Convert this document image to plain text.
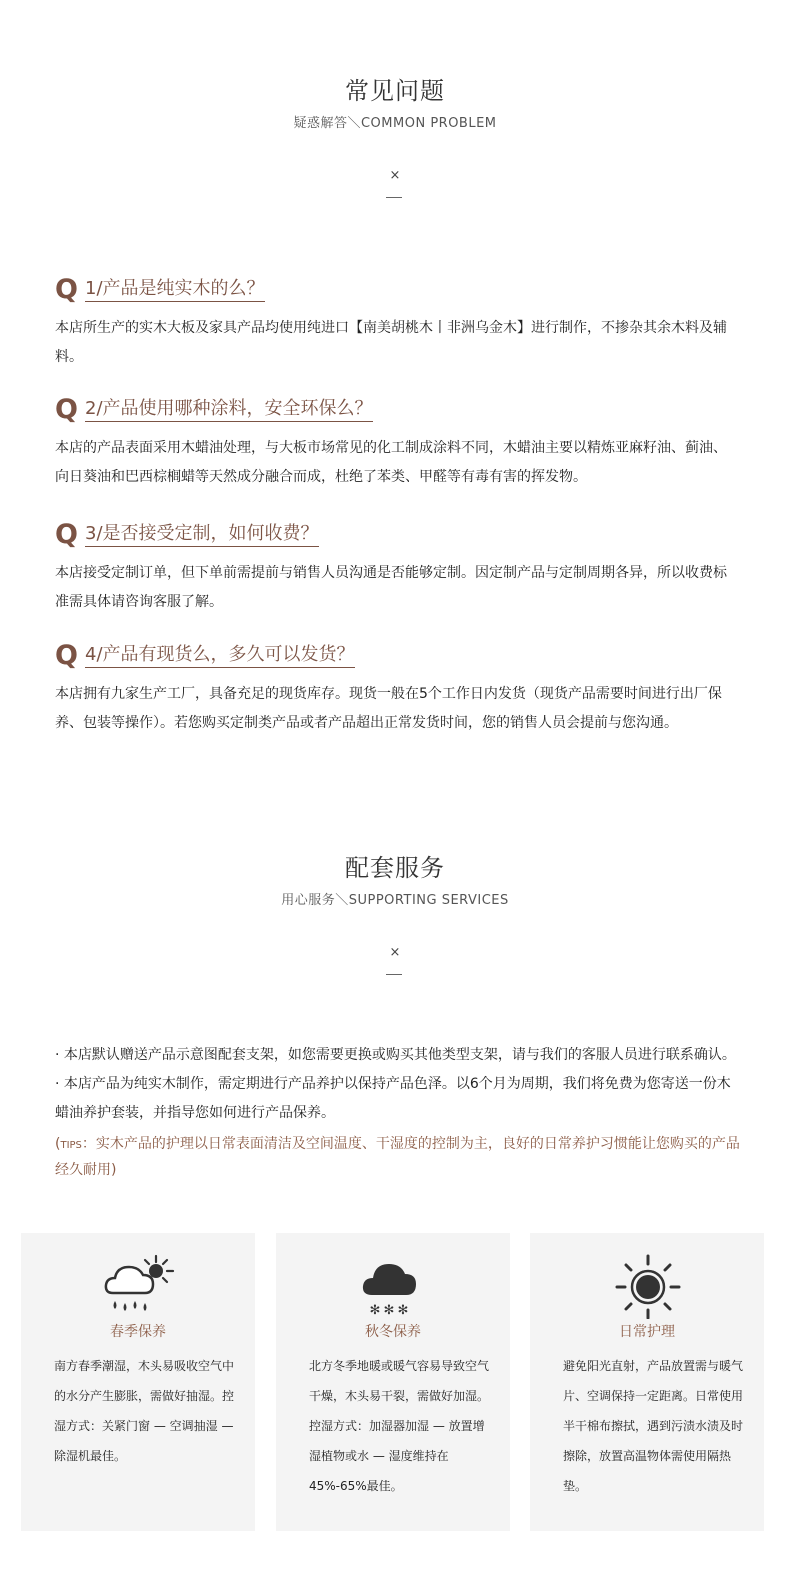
常见问题
疑惑解答＼COMMON PROBLEM
×
Q 1/产品是纯实木的么？
本店所生产的实木大板及家具产品均使用纯进口【南美胡桃木丨非洲乌金木】进行制作，不掺杂其余木料及辅料。
Q 2/产品使用哪种涂料，安全环保么？
本店的产品表面采用木蜡油处理，与大板市场常见的化工制成涂料不同，木蜡油主要以精炼亚麻籽油、蓟油、向日葵油和巴西棕榈蜡等天然成分融合而成，杜绝了苯类、甲醛等有毒有害的挥发物。
Q 3/是否接受定制，如何收费？
本店接受定制订单，但下单前需提前与销售人员沟通是否能够定制。因定制产品与定制周期各异，所以收费标准需具体请咨询客服了解。
Q 4/产品有现货么，多久可以发货？
本店拥有九家生产工厂，具备充足的现货库存。现货一般在5个工作日内发货（现货产品需要时间进行出厂保养、包装等操作）。若您购买定制类产品或者产品超出正常发货时间，您的销售人员会提前与您沟通。
配套服务
用心服务＼SUPPORTING SERVICES
×
· 本店默认赠送产品示意图配套支架，如您需要更换或购买其他类型支架，请与我们的客服人员进行联系确认。
· 本店产品为纯实木制作，需定期进行产品养护以保持产品色泽。以6个月为周期，我们将免费为您寄送一份木蜡油养护套装，并指导您如何进行产品保养。
(TIPS：实木产品的护理以日常表面清洁及空间温度、干湿度的控制为主，良好的日常养护习惯能让您购买的产品经久耐用)
春季保养
南方春季潮湿，木头易吸收空气中的水分产生膨胀，需做好抽湿。控湿方式：关紧门窗 — 空调抽湿 —除湿机最佳。
✻ ✻ ✻
秋冬保养
北方冬季地暖或暖气容易导致空气干燥，木头易干裂，需做好加湿。控湿方式：加湿器加湿 — 放置增湿植物或水 — 湿度维持在45%-65%最佳。
日常护理
避免阳光直射，产品放置需与暖气片、空调保持一定距离。日常使用半干棉布擦拭，遇到污渍水渍及时擦除，放置高温物体需使用隔热垫。
